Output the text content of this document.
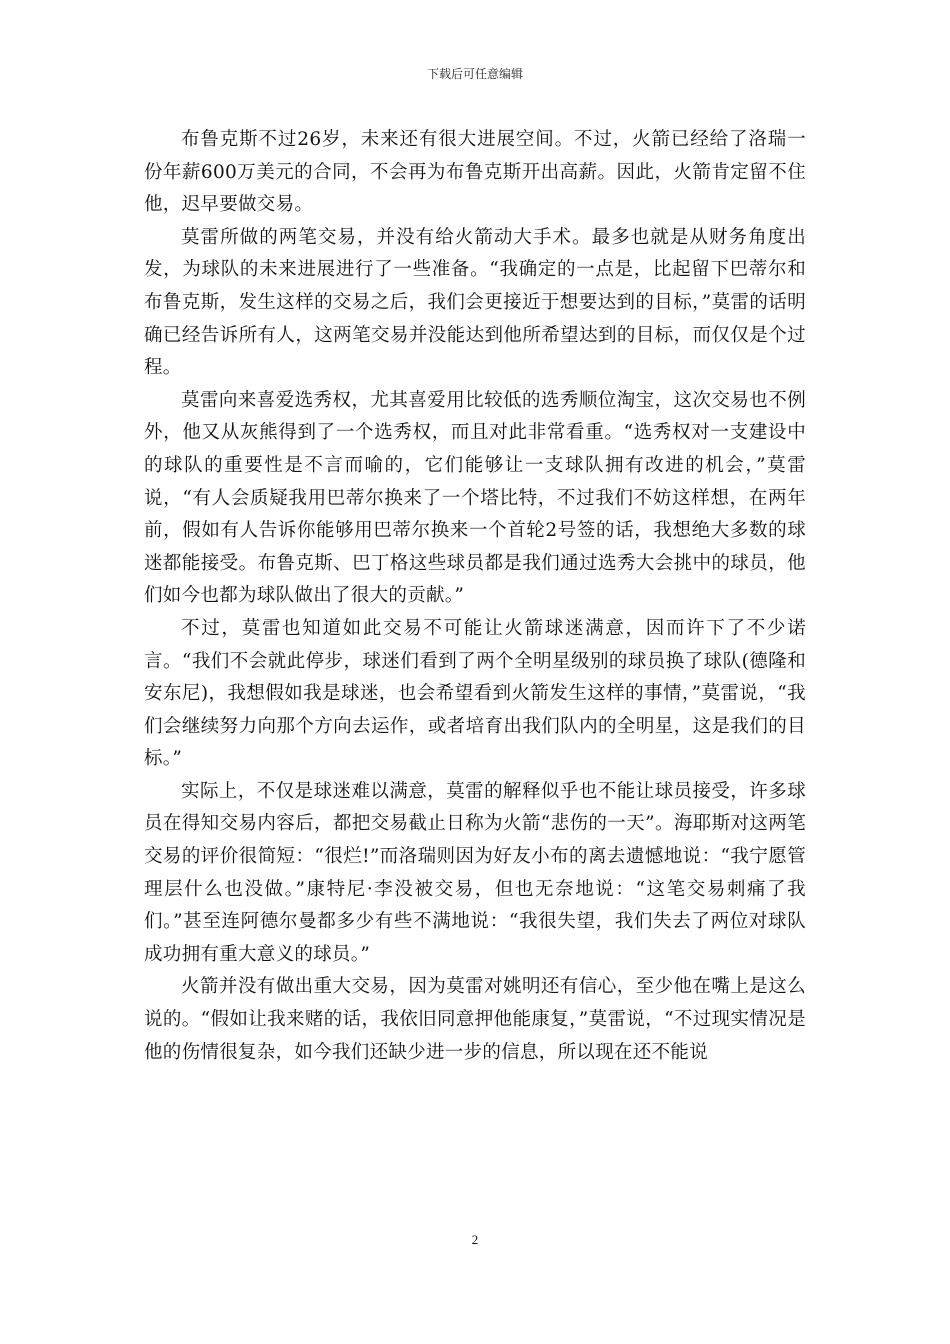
下载后可任意编辑

布鲁克斯不过26岁，未来还有很大进展空间。不过，火箭已经给了洛瑞一份年薪600万美元的合同，不会再为布鲁克斯开出高薪。因此，火箭肯定留不住他，迟早要做交易。

莫雷所做的两笔交易，并没有给火箭动大手术。最多也就是从财务角度出发，为球队的未来进展进行了一些准备。“我确定的一点是，比起留下巴蒂尔和布鲁克斯，发生这样的交易之后，我们会更接近于想要达到的目标，”莫雷的话明确已经告诉所有人，这两笔交易并没能达到他所希望达到的目标，而仅仅是个过程。

莫雷向来喜爱选秀权，尤其喜爱用比较低的选秀顺位淘宝，这次交易也不例外，他又从灰熊得到了一个选秀权，而且对此非常看重。“选秀权对一支建设中的球队的重要性是不言而喻的，它们能够让一支球队拥有改进的机会，”莫雷说，“有人会质疑我用巴蒂尔换来了一个塔比特，不过我们不妨这样想，在两年前，假如有人告诉你能够用巴蒂尔换来一个首轮2号签的话，我想绝大多数的球迷都能接受。布鲁克斯、巴丁格这些球员都是我们通过选秀大会挑中的球员，他们如今也都为球队做出了很大的贡献。”

不过，莫雷也知道如此交易不可能让火箭球迷满意，因而许下了不少诺言。“我们不会就此停步，球迷们看到了两个全明星级别的球员换了球队(德隆和安东尼)，我想假如我是球迷，也会希望看到火箭发生这样的事情，”莫雷说，“我们会继续努力向那个方向去运作，或者培育出我们队内的全明星，这是我们的目标。”

实际上，不仅是球迷难以满意，莫雷的解释似乎也不能让球员接受，许多球员在得知交易内容后，都把交易截止日称为火箭“悲伤的一天”。海耶斯对这两笔交易的评价很简短：“很烂!”而洛瑞则因为好友小布的离去遗憾地说：“我宁愿管理层什么也没做。”康特尼·李没被交易，但也无奈地说：“这笔交易刺痛了我们。”甚至连阿德尔曼都多少有些不满地说：“我很失望，我们失去了两位对球队成功拥有重大意义的球员。”

火箭并没有做出重大交易，因为莫雷对姚明还有信心，至少他在嘴上是这么说的。“假如让我来赌的话，我依旧同意押他能康复，”莫雷说，“不过现实情况是他的伤情很复杂，如今我们还缺少进一步的信息，所以现在还不能说

2
